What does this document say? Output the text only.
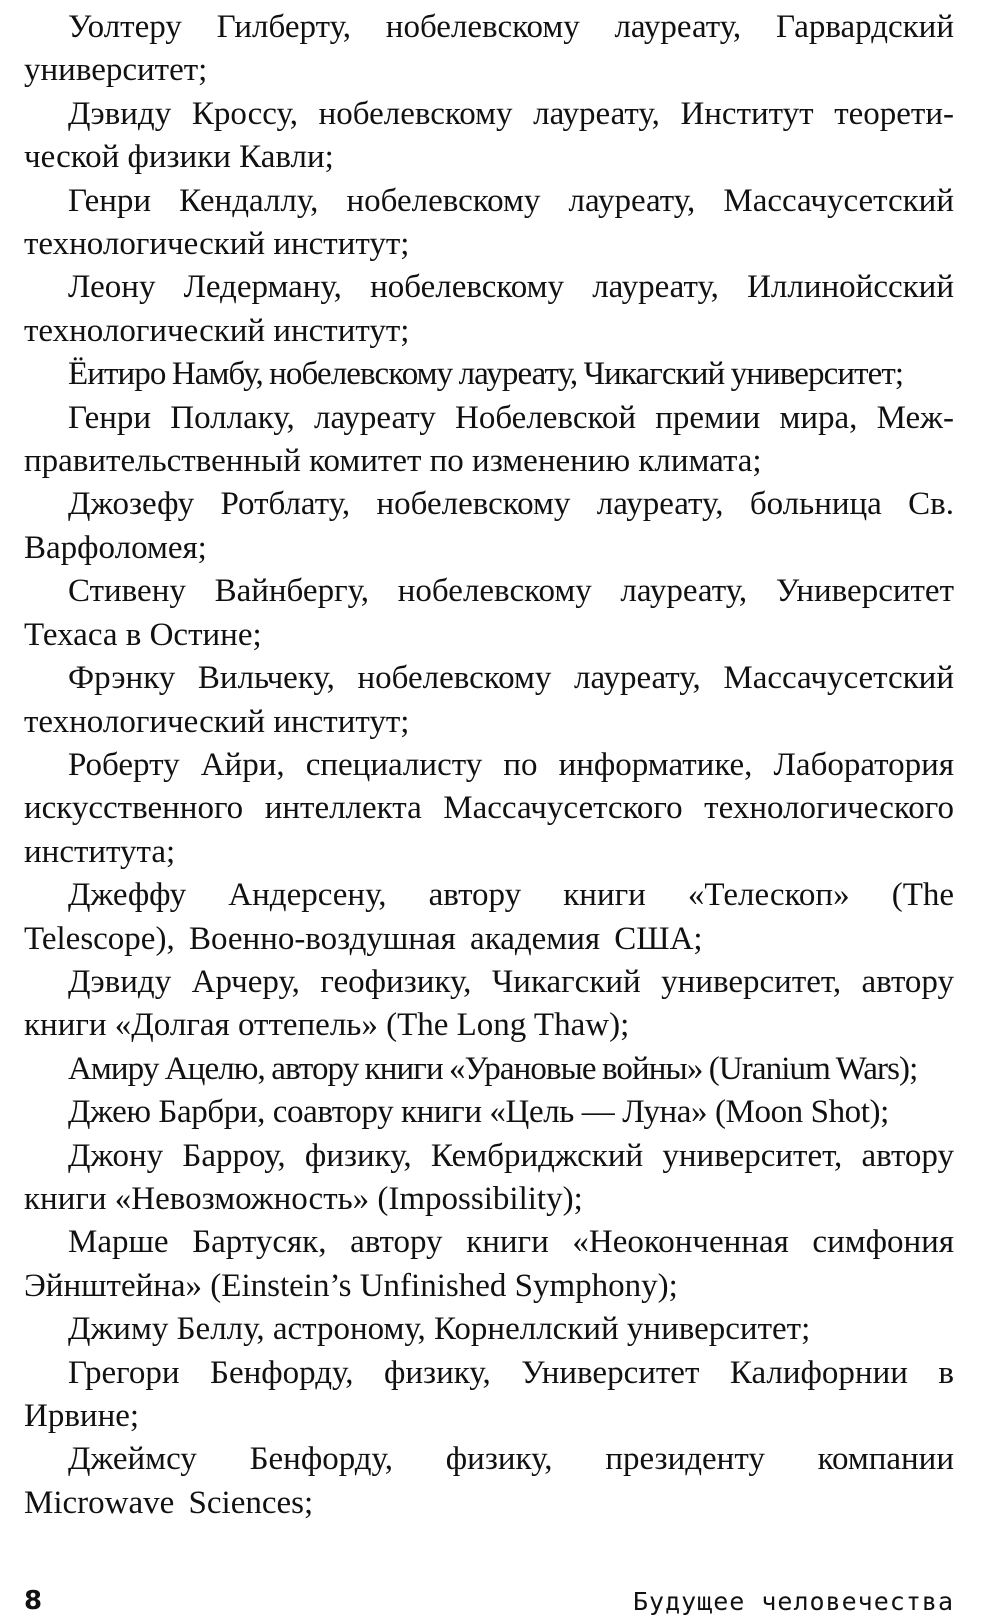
Уолтеру Гилберту, нобелевскому лауреату, Гарвардский университет;

Дэвиду Кроссу, нобелевскому лауреату, Институт теоретической физики Кавли;

Генри Кендаллу, нобелевскому лауреату, Массачусетский технологический институт;

Леону Ледерману, нобелевскому лауреату, Иллинойсский технологический институт;

Ёитиро Намбу, нобелевскому лауреату, Чикагский университет;

Генри Поллаку, лауреату Нобелевской премии мира, Межправительственный комитет по изменению климата;

Джозефу Ротблату, нобелевскому лауреату, больница Св. Варфоломея;

Стивену Вайнбергу, нобелевскому лауреату, Университет Техаса в Остине;

Фрэнку Вильчеку, нобелевскому лауреату, Массачусетский технологический институт;

Роберту Айри, специалисту по информатике, Лаборатория искусственного интеллекта Массачусетского технологического института;

Джеффу Андерсену, автору книги «Телескоп» (The Telescope), Военно-воздушная академия США;

Дэвиду Арчеру, геофизику, Чикагский университет, автору книги «Долгая оттепель» (The Long Thaw);

Амиру Ацелю, автору книги «Урановые войны» (Uranium Wars);

Джею Барбри, соавтору книги «Цель — Луна» (Moon Shot);

Джону Барроу, физику, Кембриджский университет, автору книги «Невозможность» (Impossibility);

Марше Бартусяк, автору книги «Неоконченная симфония Эйнштейна» (Einstein’s Unfinished Symphony);

Джиму Беллу, астроному, Корнеллский университет;

Грегори Бенфорду, физику, Университет Калифорнии в Ирвине;

Джеймсу Бенфорду, физику, президенту компании Microwave Sciences;

8	Будущее человечества
